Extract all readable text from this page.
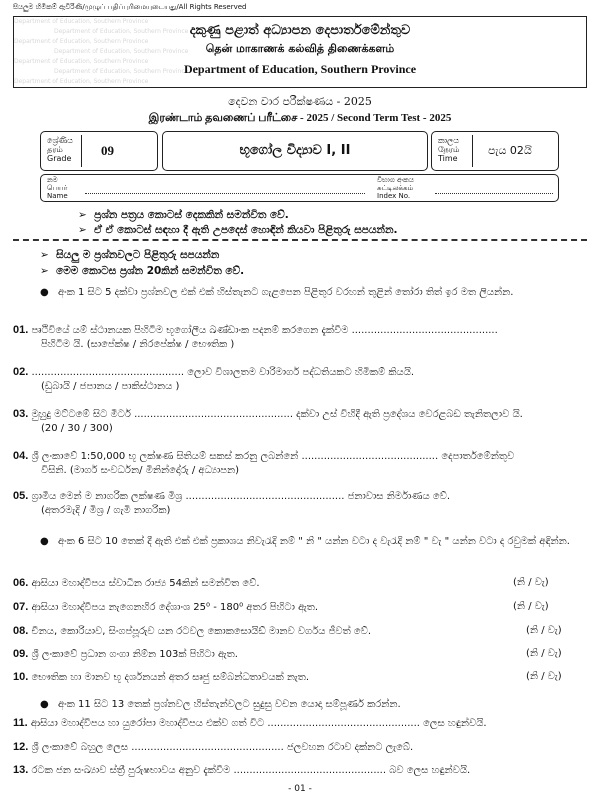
සියලුම හිමිකම් ඇවිරිණි/முழுப் பதிப்புரிமையுடையது/All Rights Reserved
Department of Education, Southern Province
Department of Education, Southern Province
Department of Education, Southern Province
Department of Education, Southern Province
Department of Education, Southern Province
Department of Education, Southern Province
Department of Education, Southern Province
දකුණු පළාත් අධ්‍යාපන දෙපාර්තමේන්තුව
தென் மாகாணக் கல்வித் திணைக்களம்
Department of Education, Southern Province
දෙවන වාර පරීක්ෂණය - 2025
இரண்டாம் தவணைப் பரீட்சை - 2025 / Second Term Test - 2025
ශ්‍රේණිය
தரம்
Grade
09	භූගෝල විද්‍යාව I, II
කාලය
நேரம்
Time
පැය 02යි
නම
பெயர்
Name
විභාග අංකය
சுட்டிலக்கம்
Index No.
➢  ප්‍රශ්න පත්‍රය කොටස් දෙකකින් සමන්විත වේ.
➢  ඒ ඒ කොටස් සඳහා දී ඇති උපදෙස් හොඳින් කියවා පිළිතුරු සපයන්න.
➢  සියලු ම ප්‍රශ්නවලට පිළිතුරු සපයන්න
➢  මෙම කොටස ප්‍රශ්න 20කින් සමන්විත වේ.
● අංක 1 සිට 5 දක්වා ප්‍රශ්නවල එක් එක් හිස්තැනට ගැළපෙන පිළිතුර වරහන් තුළින් තෝරා තිත් ඉර මත ලියන්න.
01. පෘථිවියේ යම් ස්ථානයක පිහිටීම භූගෝලීය ඛණ්ඩාංක පදනම් කරගෙන දැක්වීම ..............................................
පිහිටීම යි. (සාපේක්ෂ / නිරපේක්ෂ / භෞතික )
02. ................................................ ලොව විශාලතම වාරිමාර්ග පද්ධතියකට හිමිකම් කියයි.
(ඩුබායි / ජපානය / පාකිස්ථානය )
03. මුහුදු මට්ටමේ සිට මීටර් .................................................. දක්වා උස් විහිදී ඇති ප්‍රදේශය වෙරළබඩ තැනිතලාව යි.
(20 / 30 / 300)
04. ශ්‍රී ලංකාවේ 1:50,000 භූ ලක්ෂණ සිතියම් සකස් කරනු ලබන්නේ ........................................... දෙපාර්තමේන්තුව
විසිනි. (මාර්ග සංවර්ධන/ මිනින්දෝරු / අධ්‍යාපන)
05. ග්‍රාමීය මෙන් ම නාගරික ලක්ෂණ මිශ්‍ර .................................................. ජනාවාස නිර්මාණය වේ.
(අතරමැදි / මිශ්‍ර / ගැමි නාගරික)
● අංක 6 සිට 10 තෙක් දී ඇති එක් එක් ප්‍රකාශය නිවැරැදි නම් " නි " යන්න වටා ද වැරැදි නම් " වැ " යන්න වටා ද රවුමක් අඳින්න.
06. ආසියා මහාද්වීපය ස්වාධීන රාජ්‍ය 54කින් සමන්විත වේ.	(නි / වැ)
07. ආසියා මහාද්වීපය නැගෙනහිර දේශාංශ 25⁰ - 180⁰ අතර පිහිටා ඇත.	(නි / වැ)
08. චීනය, කොරියාව, සිංගප්පූරුව යන රටවල කොකසොයිඩ් මානව වර්ගය ජීවත් වේ.	(නි / වැ)
09. ශ්‍රී ලංකාවේ ප්‍රධාන ගංගා නිම්න 103ක් පිහිටා ඇත.	(නි / වැ)
10. භෞතික හා මානව භූ දර්ශනයන් අතර සෘජු සම්බන්ධතාවයක් නැත.	(නි / වැ)
● අංක 11 සිට 13 තෙක් ප්‍රශ්නවල හිස්තැන්වලට සුදුසු වචන යොදා සම්පූර්ණ කරන්න.
11. ආසියා මහාද්වීපය හා යුරෝපා මහාද්වීපය එක්ව ගත් විට ................................................ ලෙස හඳුන්වයි.
12. ශ්‍රී ලංකාවේ බහුල ලෙස ................................................ ජලවහන රටාව දක්නට ලැබේ.
13. රටක ජන සංඛ්‍යාව ස්ත්‍රී පුරුෂභාවය අනුව දැක්වීම ................................................ බව ලෙස හඳුන්වයි.
- 01 -
